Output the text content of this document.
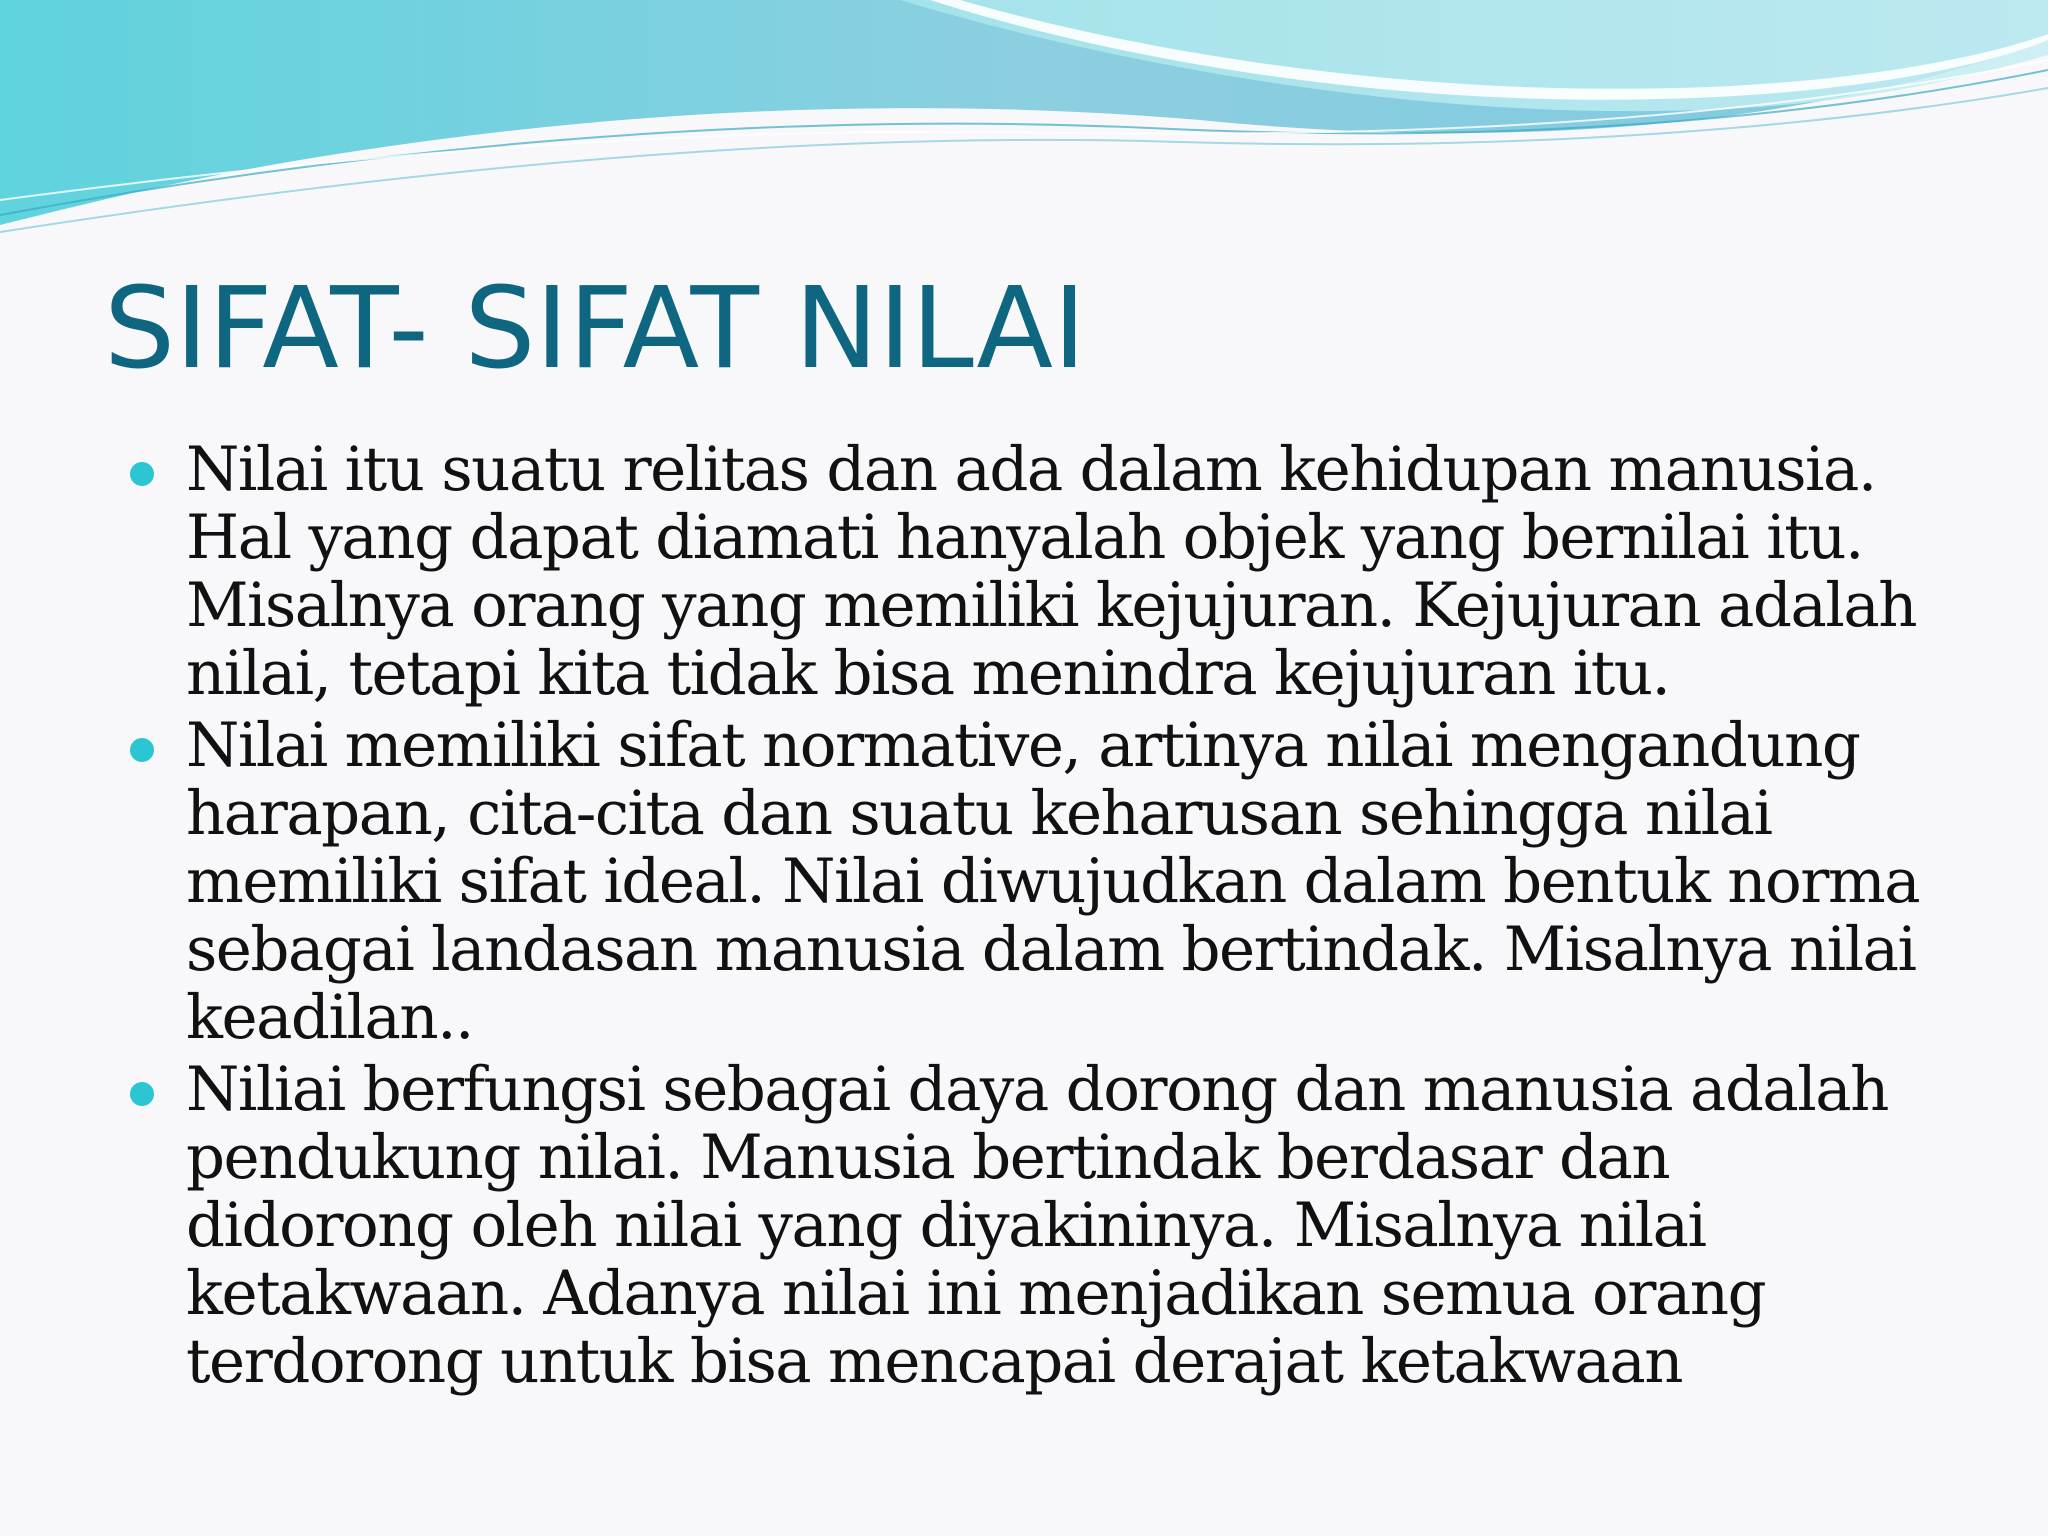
SIFAT- SIFAT NILAI
Nilai itu suatu relitas dan ada dalam kehidupan manusia.
Hal yang dapat diamati hanyalah objek yang bernilai itu.
Misalnya orang yang memiliki kejujuran. Kejujuran adalah
nilai, tetapi kita tidak bisa menindra kejujuran itu.
Nilai memiliki sifat normative, artinya nilai mengandung
harapan, cita-cita dan suatu keharusan sehingga nilai
memiliki sifat ideal. Nilai diwujudkan dalam bentuk norma
sebagai landasan manusia dalam bertindak. Misalnya nilai
keadilan..
Niliai berfungsi sebagai daya dorong dan manusia adalah
pendukung nilai. Manusia bertindak berdasar dan
didorong oleh nilai yang diyakininya. Misalnya nilai
ketakwaan. Adanya nilai ini menjadikan semua orang
terdorong untuk bisa mencapai derajat ketakwaan
